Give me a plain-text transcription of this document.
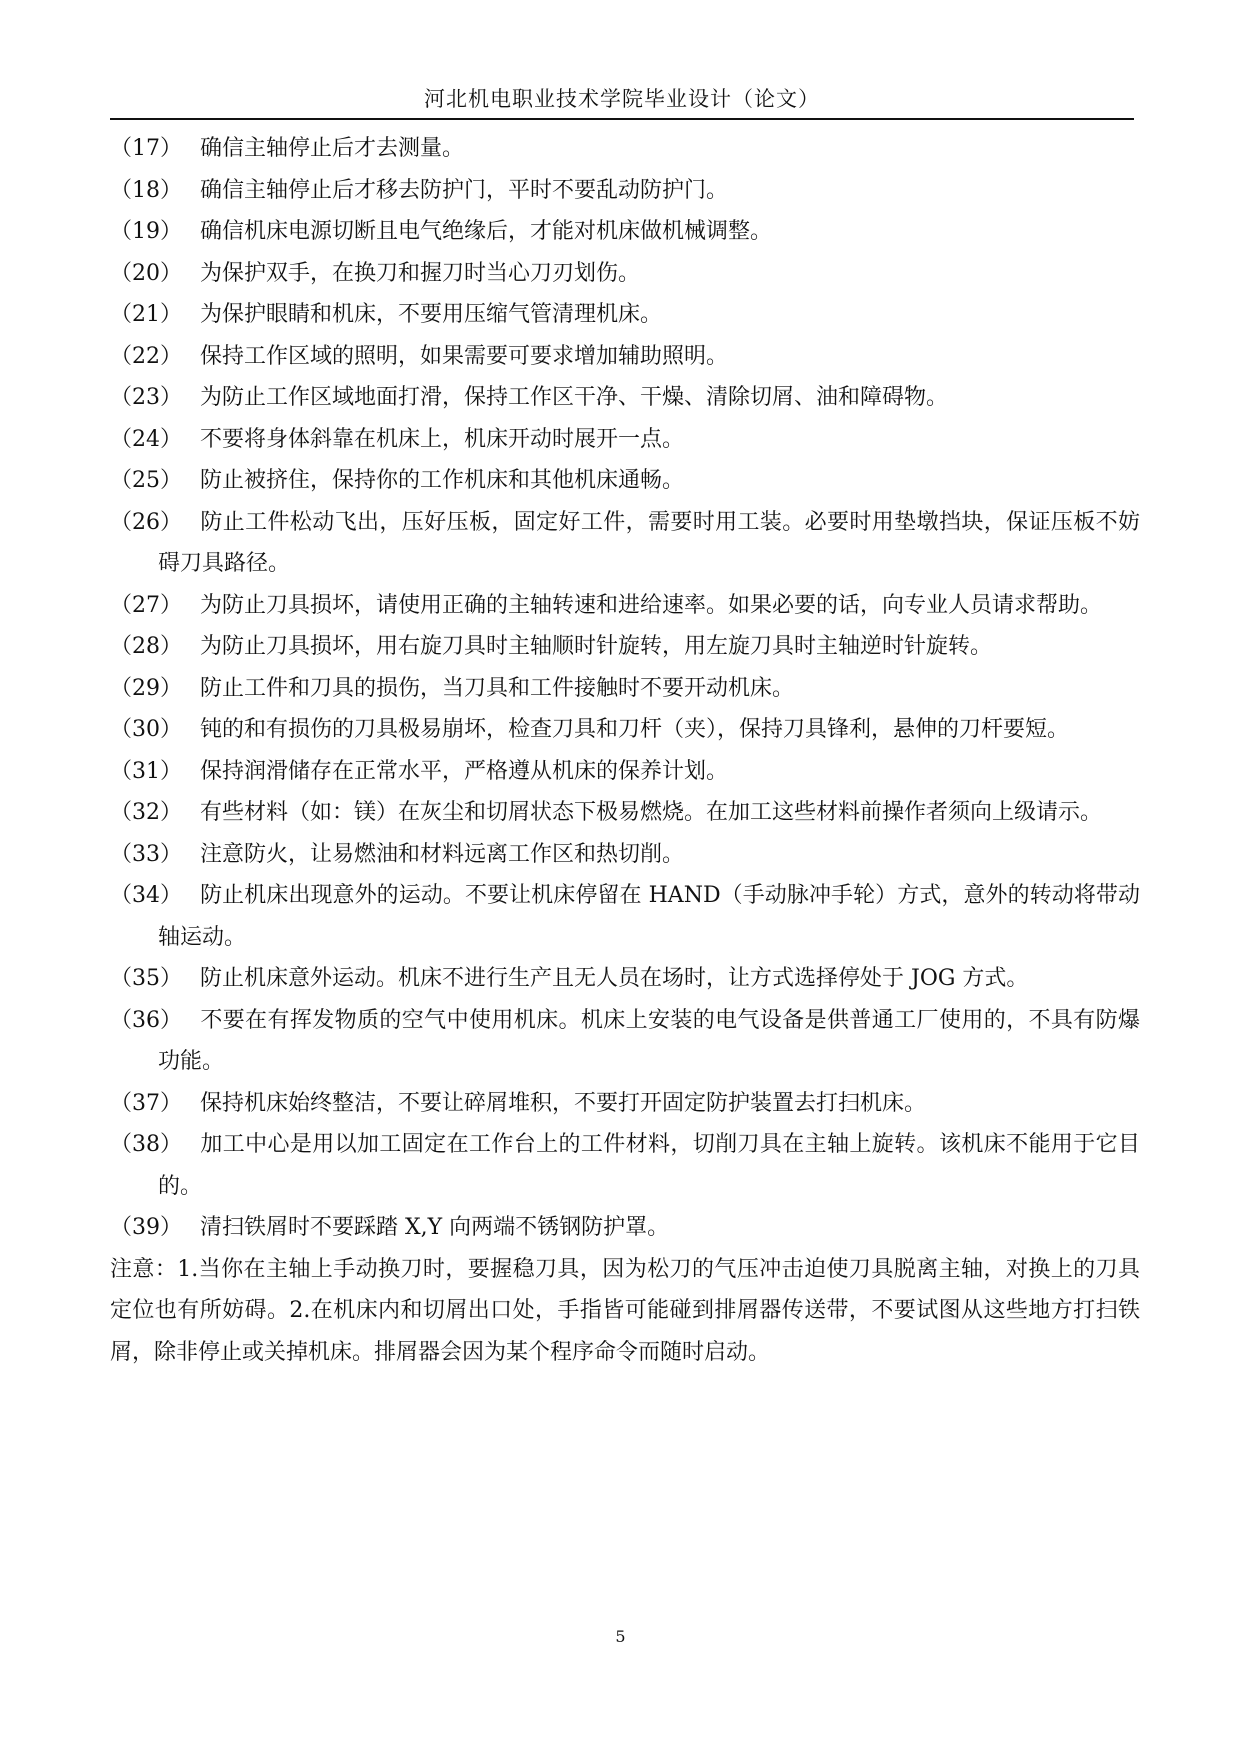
河北机电职业技术学院毕业设计（论文）
（17） 确信主轴停止后才去测量。
（18） 确信主轴停止后才移去防护门，平时不要乱动防护门。
（19） 确信机床电源切断且电气绝缘后，才能对机床做机械调整。
（20） 为保护双手，在换刀和握刀时当心刀刃划伤。
（21） 为保护眼睛和机床，不要用压缩气管清理机床。
（22） 保持工作区域的照明，如果需要可要求增加辅助照明。
（23） 为防止工作区域地面打滑，保持工作区干净、干燥、清除切屑、油和障碍物。
（24） 不要将身体斜靠在机床上，机床开动时展开一点。
（25） 防止被挤住，保持你的工作机床和其他机床通畅。
（26） 防止工件松动飞出，压好压板，固定好工件，需要时用工装。必要时用垫墩挡块，保证压板不妨碍刀具路径。
（27） 为防止刀具损坏，请使用正确的主轴转速和进给速率。如果必要的话，向专业人员请求帮助。
（28） 为防止刀具损坏，用右旋刀具时主轴顺时针旋转，用左旋刀具时主轴逆时针旋转。
（29） 防止工件和刀具的损伤，当刀具和工件接触时不要开动机床。
（30） 钝的和有损伤的刀具极易崩坏，检查刀具和刀杆（夹），保持刀具锋利，悬伸的刀杆要短。
（31） 保持润滑储存在正常水平，严格遵从机床的保养计划。
（32） 有些材料（如：镁）在灰尘和切屑状态下极易燃烧。在加工这些材料前操作者须向上级请示。
（33） 注意防火，让易燃油和材料远离工作区和热切削。
（34） 防止机床出现意外的运动。不要让机床停留在 HAND（手动脉冲手轮）方式，意外的转动将带动轴运动。
（35） 防止机床意外运动。机床不进行生产且无人员在场时，让方式选择停处于 JOG 方式。
（36） 不要在有挥发物质的空气中使用机床。机床上安装的电气设备是供普通工厂使用的，不具有防爆功能。
（37） 保持机床始终整洁，不要让碎屑堆积，不要打开固定防护装置去打扫机床。
（38） 加工中心是用以加工固定在工作台上的工件材料，切削刀具在主轴上旋转。该机床不能用于它目的。
（39） 清扫铁屑时不要踩踏 X,Y 向两端不锈钢防护罩。
注意：1.当你在主轴上手动换刀时，要握稳刀具，因为松刀的气压冲击迫使刀具脱离主轴，对换上的刀具定位也有所妨碍。2.在机床内和切屑出口处，手指皆可能碰到排屑器传送带，不要试图从这些地方打扫铁屑，除非停止或关掉机床。排屑器会因为某个程序命令而随时启动。
5
